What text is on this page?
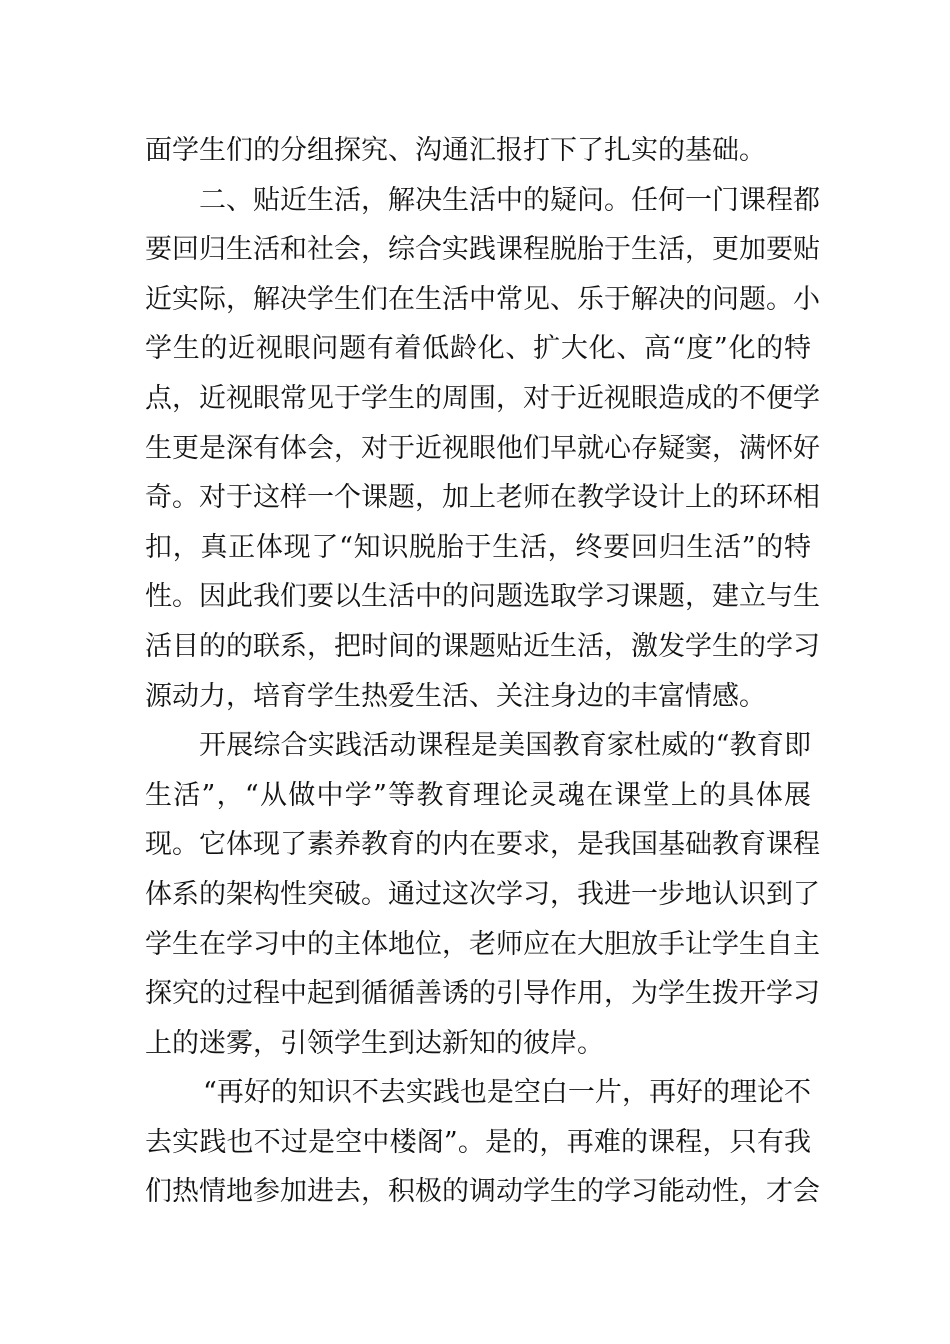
面学生们的分组探究、沟通汇报打下了扎实的基础。
二、贴近生活，解决生活中的疑问。任何一门课程都
要回归生活和社会，综合实践课程脱胎于生活，更加要贴
近实际，解决学生们在生活中常见、乐于解决的问题。小
学生的近视眼问题有着低龄化、扩大化、高“度”化的特
点，近视眼常见于学生的周围，对于近视眼造成的不便学
生更是深有体会，对于近视眼他们早就心存疑窦，满怀好
奇。对于这样一个课题，加上老师在教学设计上的环环相
扣，真正体现了“知识脱胎于生活，终要回归生活”的特
性。因此我们要以生活中的问题选取学习课题，建立与生
活目的的联系，把时间的课题贴近生活，激发学生的学习
源动力，培育学生热爱生活、关注身边的丰富情感。
开展综合实践活动课程是美国教育家杜威的“教育即
生活”，“从做中学”等教育理论灵魂在课堂上的具体展
现。它体现了素养教育的内在要求，是我国基础教育课程
体系的架构性突破。通过这次学习，我进一步地认识到了
学生在学习中的主体地位，老师应在大胆放手让学生自主
探究的过程中起到循循善诱的引导作用，为学生拨开学习
上的迷雾，引领学生到达新知的彼岸。
“再好的知识不去实践也是空白一片，再好的理论不
去实践也不过是空中楼阁”。是的，再难的课程，只有我
们热情地参加进去，积极的调动学生的学习能动性，才会
